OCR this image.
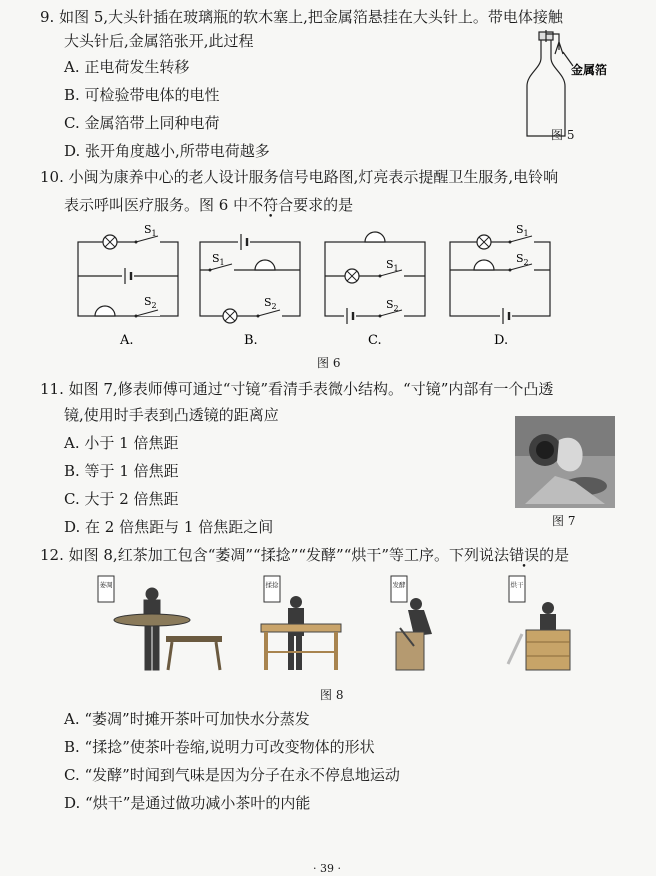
9. 如图 5,大头针插在玻璃瓶的软木塞上,把金属箔悬挂在大头针上。带电体接触
大头针后,金属箔张开,此过程
A. 正电荷发生转移
B. 可检验带电体的电性
C. 金属箔带上同种电荷
D. 张开角度越小,所带电荷越多
金属箔
图 5
10. 小闽为康养中心的老人设计服务信号电路图,灯亮表示提醒卫生服务,电铃响
表示呼叫医疗服务。图 6 中不符合要求的是
$S_1$
$S_2$
$S_1$
$S_2$
$S_1$
$S_2$
$S_1$
$S_2$
A.	B.	C.	D.
图 6
11. 如图 7,修表师傅可通过“寸镜”看清手表微小结构。“寸镜”内部有一个凸透
镜,使用时手表到凸透镜的距离应
A. 小于 1 倍焦距
B. 等于 1 倍焦距
C. 大于 2 倍焦距
D. 在 2 倍焦距与 1 倍焦距之间	图 7
12. 如图 8,红茶加工包含“萎凋”“揉捻”“发酵”“烘干”等工序。下列说法错误的是
萎凋	揉捻	发酵	烘干
图 8
A. “萎凋”时摊开茶叶可加快水分蒸发
B. “揉捻”使茶叶卷缩,说明力可改变物体的形状
C. “发酵”时闻到气味是因为分子在永不停息地运动
D. “烘干”是通过做功减小茶叶的内能
· 39 ·
